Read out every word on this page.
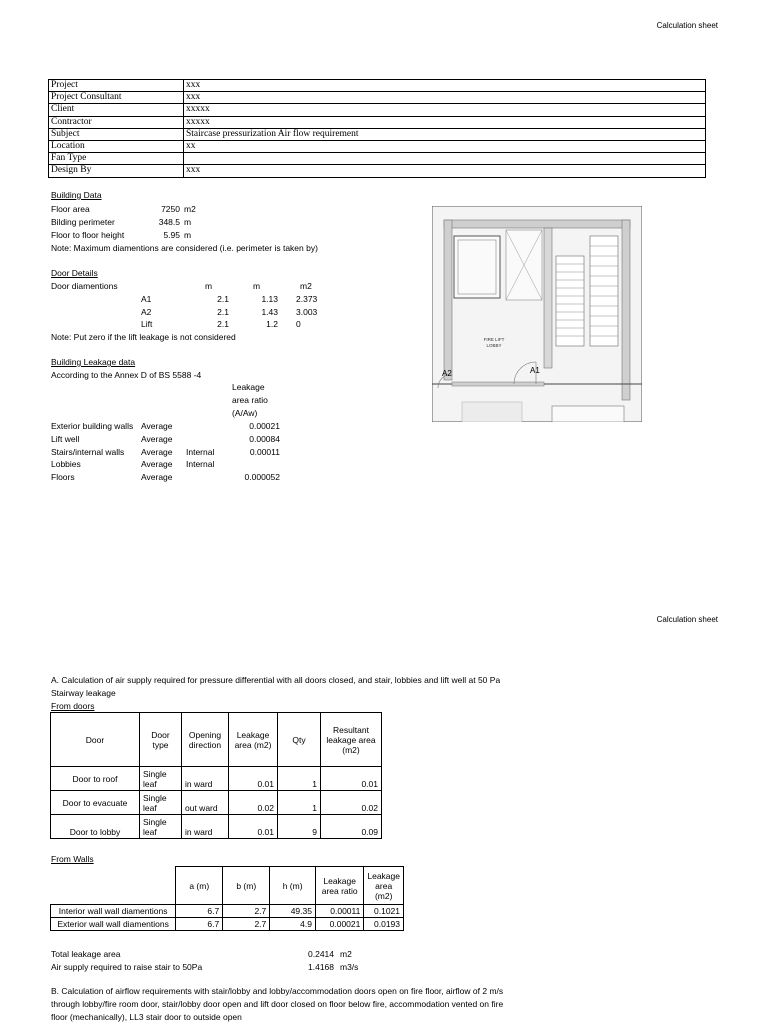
Calculation sheet
Project	xxx
Project Consultant	xxx
Client	xxxxx
Contractor	xxxxx
Subject	Staircase pressurization Air flow requirement
Location	xx
Fan Type	
Design By	xxx
Building Data
Floor area	7250 m2
Bilding perimeter	348.5 m
Floor to floor height	5.95 m
Note: Maximum diamentions are considered (i.e. perimeter is taken by)
Door Details
Door diamentions	m	m	m2
A1	2.1	1.13 2.373
A2	2.1	1.43 3.003
Lift	2.1	1.2 0
Note: Put zero if the lift leakage is not considered
Building Leakage data
According to the Annex D of BS 5588 -4
Leakage
area ratio
(A/Aw)
Exterior building walls Average	0.00021
Lift well	Average	0.00084
Stairs/internal walls Average Internal	0.00011
Lobbies	Average Internal
Floors	Average	0.000052
FIRE LIFT
LOBBY
A2	A1
Calculation sheet
A. Calculation of air supply required for pressure differential with all doors closed, and stair, lobbies and lift well at 50 Pa
Stairway leakage
From doors
Door	Door type	Opening direction	Leakage area (m2)	Qty	Resultant leakage area (m2)
Door to roof	Single leaf	in ward	0.01	1	0.01
Door to evacuate	Single leaf	out ward	0.02	1	0.02
Door to lobby	Single leaf	in ward	0.01	9	0.09
From Walls
	a (m)	b (m)	h (m)	Leakage area ratio	Leakage area (m2)
Interior wall wall diamentions	6.7	2.7	49.35	0.00011	0.1021
Exterior wall wall diamentions	6.7	2.7	4.9	0.00021	0.0193
Total leakage area	0.2414 m2
Air supply required to raise stair to 50Pa	1.4168 m3/s
B. Calculation of airflow requirements with stair/lobby and lobby/accommodation doors open on fire floor, airflow of 2 m/s
through lobby/fire room door, stair/lobby door open and lift door closed on floor below fire, accommodation vented on fire
floor (mechanically), LL3 stair door to outside open
